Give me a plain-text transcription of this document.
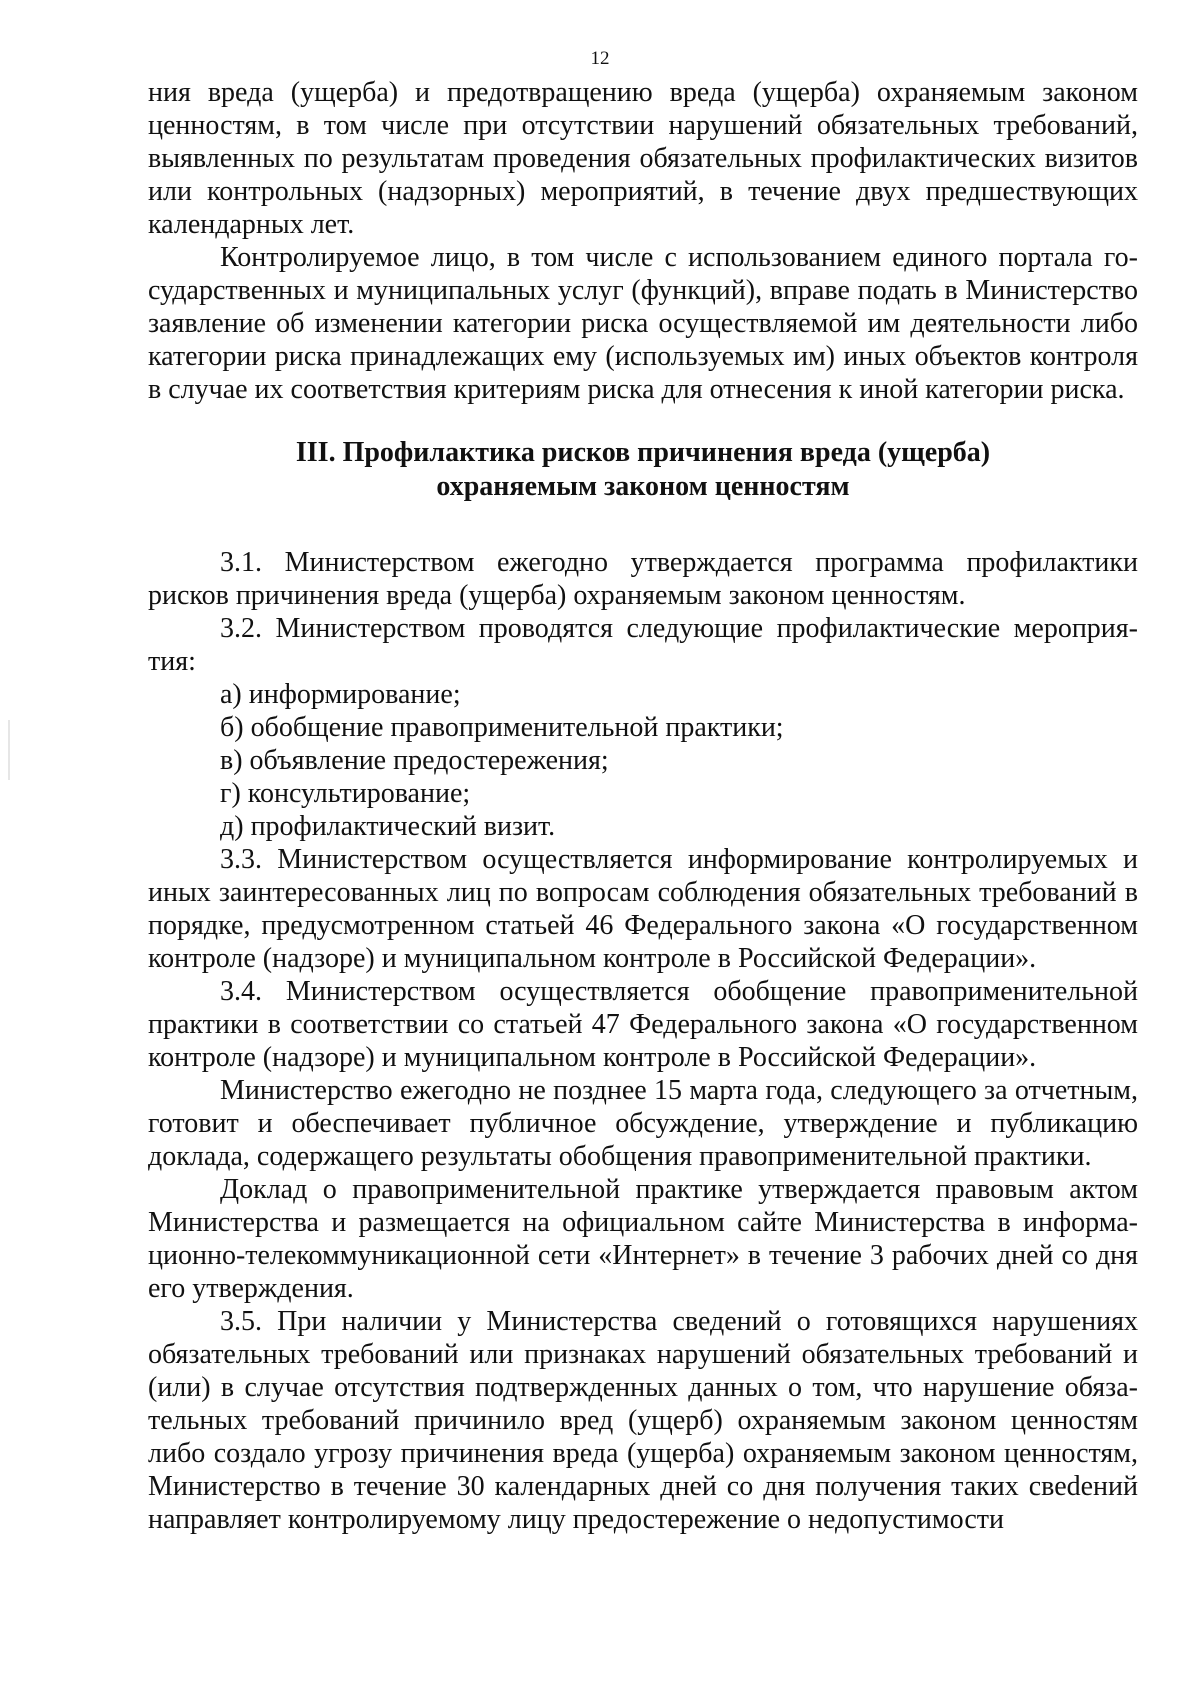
12

ния вреда (ущерба) и предотвращению вреда (ущерба) охраняемым законом ценностям, в том числе при отсутствии нарушений обязательных требований, выявленных по результатам проведения обязательных профилактических визитов или контрольных (надзорных) мероприятий, в течение двух предшествующих календарных лет.

Контролируемое лицо, в том числе с использованием единого портала государственных и муниципальных услуг (функций), вправе подать в Министерство заявление об изменении категории риска осуществляемой им деятельности либо категории риска принадлежащих ему (используемых им) иных объектов контроля в случае их соответствия критериям риска для отнесения к иной категории риска.

III. Профилактика рисков причинения вреда (ущерба)
охраняемым законом ценностям

3.1. Министерством ежегодно утверждается программа профилактики рисков причинения вреда (ущерба) охраняемым законом ценностям.

3.2. Министерством проводятся следующие профилактические мероприятия:

а) информирование;

б) обобщение правоприменительной практики;

в) объявление предостережения;

г) консультирование;

д) профилактический визит.

3.3. Министерством осуществляется информирование контролируемых и иных заинтересованных лиц по вопросам соблюдения обязательных требований в порядке, предусмотренном статьей 46 Федерального закона «О государственном контроле (надзоре) и муниципальном контроле в Российской Федерации».

3.4. Министерством осуществляется обобщение правоприменительной практики в соответствии со статьей 47 Федерального закона «О государственном контроле (надзоре) и муниципальном контроле в Российской Федерации».

Министерство ежегодно не позднее 15 марта года, следующего за отчетным, готовит и обеспечивает публичное обсуждение, утверждение и публикацию доклада, содержащего результаты обобщения правоприменительной практики.

Доклад о правоприменительной практике утверждается правовым актом Министерства и размещается на официальном сайте Министерства в информационно-телекоммуникационной сети «Интернет» в течение 3 рабочих дней со дня его утверждения.

3.5. При наличии у Министерства сведений о готовящихся нарушениях обязательных требований или признаках нарушений обязательных требований и (или) в случае отсутствия подтвержденных данных о том, что нарушение обязательных требований причинило вред (ущерб) охраняемым законом ценностям либо создало угрозу причинения вреда (ущерба) охраняемым законом ценностям, Министерство в течение 30 календарных дней со дня получения таких свеdений направляет контролируемому лицу предостережение о недопустимости
